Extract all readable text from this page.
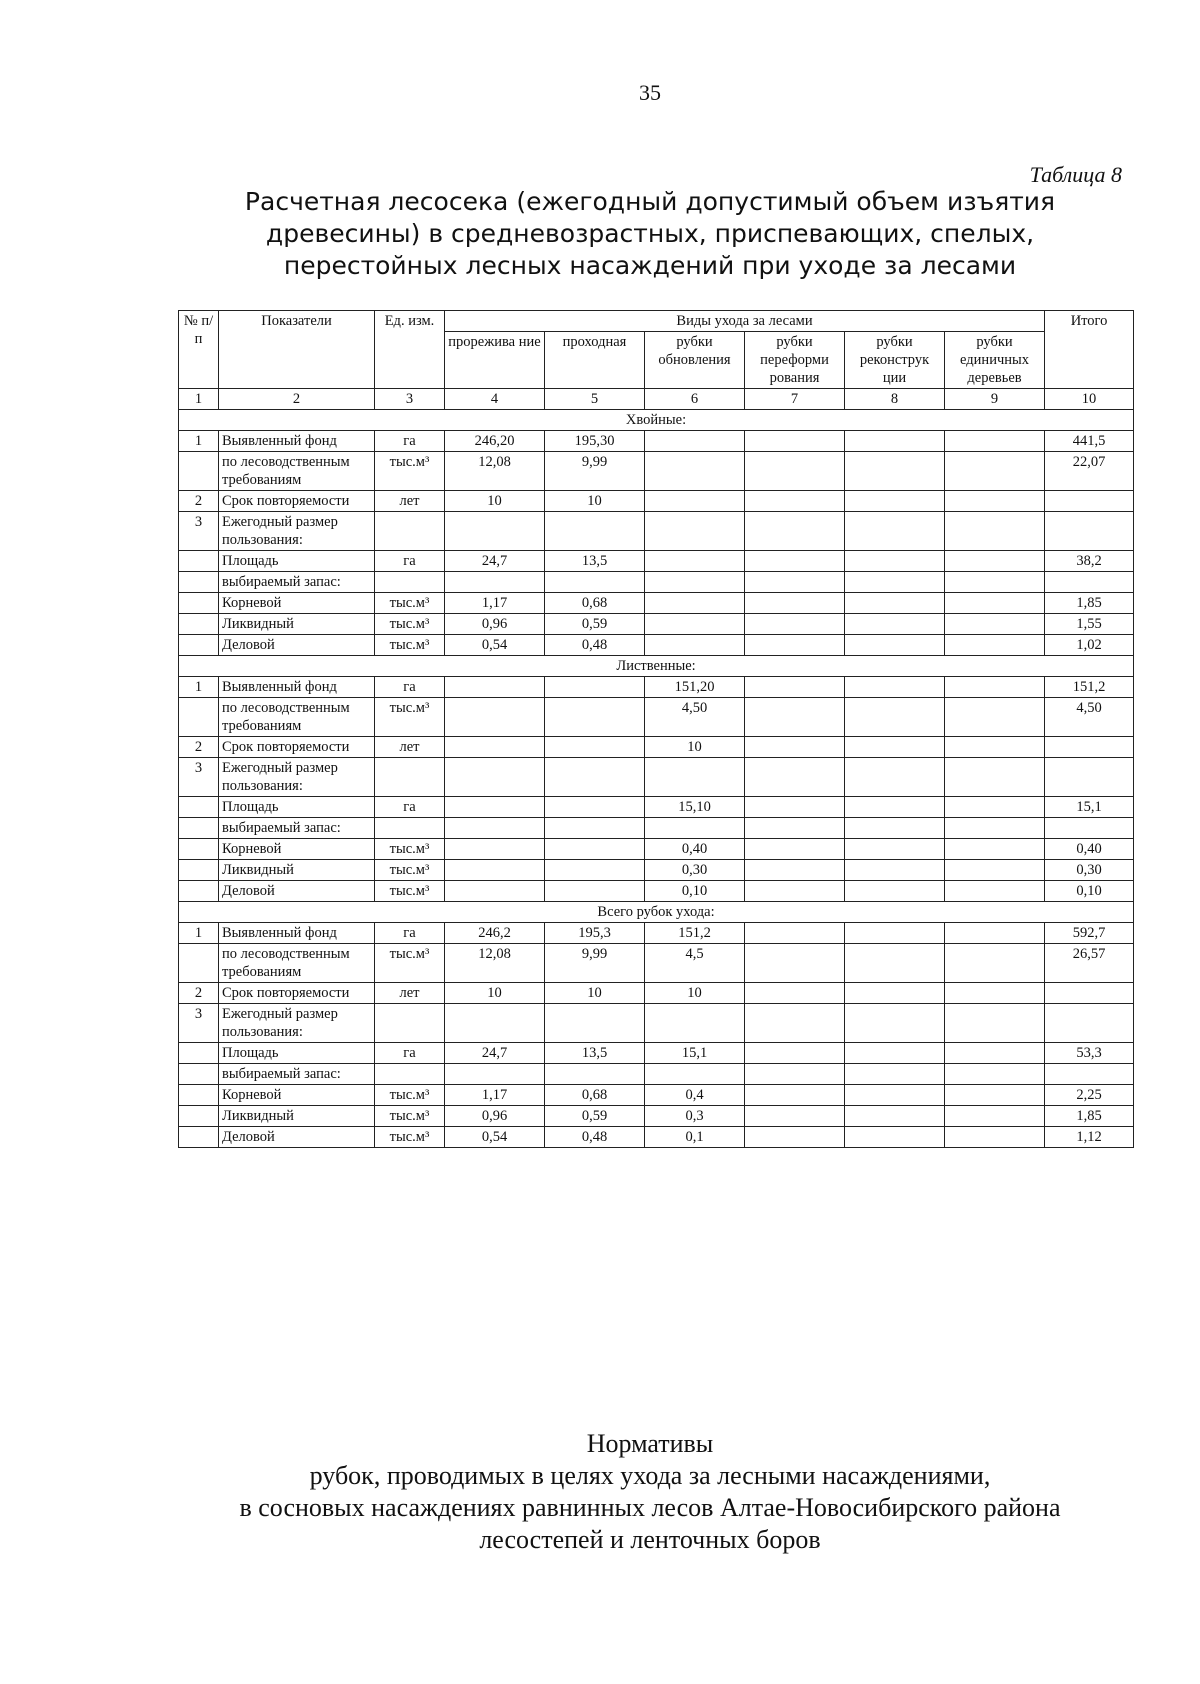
35
Таблица 8
Расчетная лесосека (ежегодный допустимый объем изъятия
древесины) в средневозрастных, приспевающих, спелых,
перестойных лесных насаждений при уходе за лесами
№ п/п	Показатели	Ед. изм.	Виды ухода за лесами						Итого
			прорежива ние	проходная	рубки обновления	рубки переформи рования	рубки реконструк ции	рубки единичных деревьев	
1	2	3	4	5	6	7	8	9	10
Хвойные:									
1	Выявленный фонд	га	246,20	195,30					441,5
	по лесоводственным требованиям	тыс.м³	12,08	9,99					22,07
2	Срок повторяемости	лет	10	10					
3	Ежегодный размер пользования:								
	Площадь	га	24,7	13,5					38,2
	выбираемый запас:								
	Корневой	тыс.м³	1,17	0,68					1,85
	Ликвидный	тыс.м³	0,96	0,59					1,55
	Деловой	тыс.м³	0,54	0,48					1,02
Лиственные:									
1	Выявленный фонд	га			151,20				151,2
	по лесоводственным требованиям	тыс.м³			4,50				4,50
2	Срок повторяемости	лет			10				
3	Ежегодный размер пользования:								
	Площадь	га			15,10				15,1
	выбираемый запас:								
	Корневой	тыс.м³			0,40				0,40
	Ликвидный	тыс.м³			0,30				0,30
	Деловой	тыс.м³			0,10				0,10
Всего рубок ухода:									
1	Выявленный фонд	га	246,2	195,3	151,2				592,7
	по лесоводственным требованиям	тыс.м³	12,08	9,99	4,5				26,57
2	Срок повторяемости	лет	10	10	10				
3	Ежегодный размер пользования:								
	Площадь	га	24,7	13,5	15,1				53,3
	выбираемый запас:								
	Корневой	тыс.м³	1,17	0,68	0,4				2,25
	Ликвидный	тыс.м³	0,96	0,59	0,3				1,85
	Деловой	тыс.м³	0,54	0,48	0,1				1,12
Нормативы
рубок, проводимых в целях ухода за лесными насаждениями,
в сосновых насаждениях равнинных лесов Алтае-Новосибирского района
лесостепей и ленточных боров
